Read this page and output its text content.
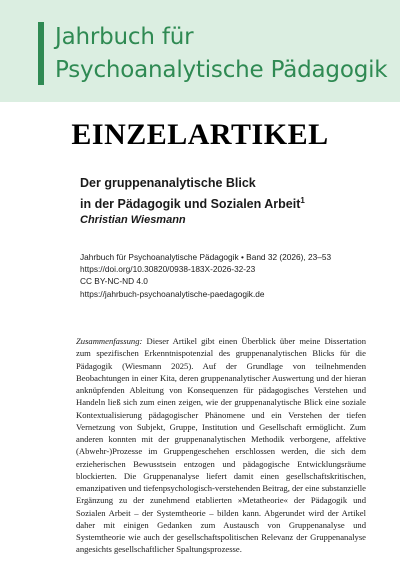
Jahrbuch für
Psychoanalytische Pädagogik
EINZELARTIKEL
Der gruppenanalytische Blick
in der Pädagogik und Sozialen Arbeit$^1$
Christian Wiesmann
Jahrbuch für Psychoanalytische Pädagogik • Band 32 (2026), 23–53
https://doi.org/10.30820/0938-183X-2026-32-23
CC BY-NC-ND 4.0
https://jahrbuch-psychoanalytische-paedagogik.de
Zusammenfassung: Dieser Artikel gibt einen Überblick über meine Dissertation zum spezifischen Erkenntnispotenzial des gruppenanalytischen Blicks für die Pädagogik (Wiesmann 2025). Auf der Grundlage von teilnehmenden Beobachtungen in einer Kita, deren gruppenanalytischer Auswertung und der hieran anknüpfenden Ableitung von Konsequenzen für pädagogisches Verstehen und Handeln ließ sich zum einen zeigen, wie der gruppenanalytische Blick eine soziale Kontextualisierung pädagogischer Phänomene und ein Verstehen der tiefen Vernetzung von Subjekt, Gruppe, Institution und Gesellschaft ermöglicht. Zum anderen konnten mit der gruppenanalytischen Methodik verborgene, affektive (Abwehr-)Prozesse im Gruppengeschehen erschlossen werden, die sich dem erzieherischen Bewusstsein entzogen und pädagogische Entwicklungsräume blockierten. Die Gruppenanalyse liefert damit einen gesellschaftskritischen, emanzipativen und tiefenpsychologisch-verstehenden Beitrag, der eine substanzielle Ergänzung zu der zunehmend etablierten »Metatheorie« der Pädagogik und Sozialen Arbeit – der Systemtheorie – bilden kann. Abgerundet wird der Artikel daher mit einigen Gedanken zum Austausch von Gruppenanalyse und Systemtheorie wie auch der gesellschaftspolitischen Relevanz der Gruppenanalyse angesichts gesellschaftlicher Spaltungsprozesse.
